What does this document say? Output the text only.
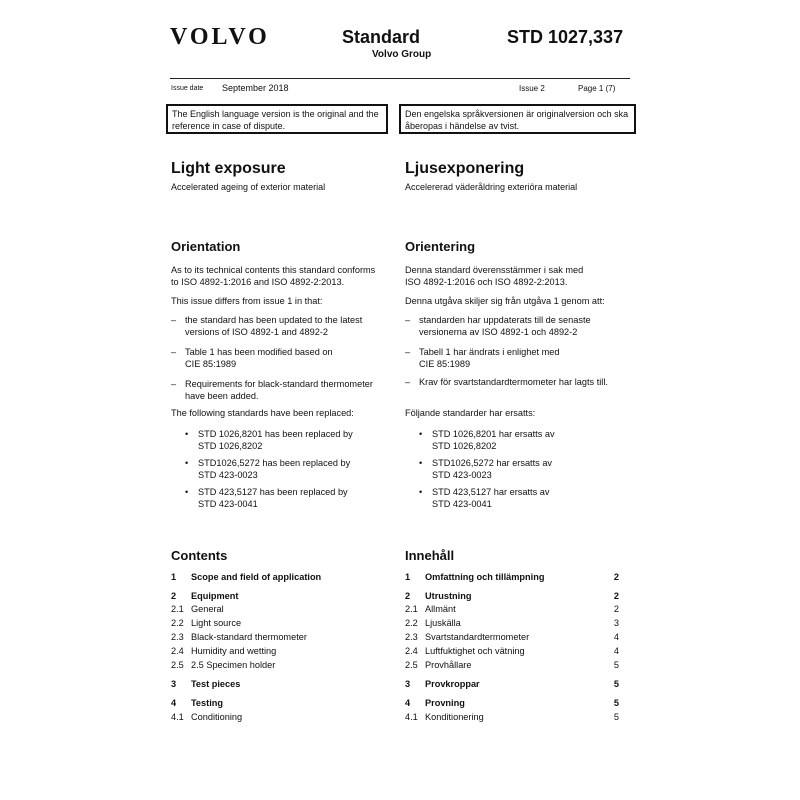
VOLVO	Standard
Volvo Group
STD 1027,337
Issue date September 2018	Issue 2	Page 1 (7)
The English language version is the original and the reference in case of dispute.
Den engelska språkversionen är originalversion och ska åberopas i händelse av tvist.
Light exposure
Accelerated ageing of exterior material
Ljusexponering
Accelererad väderåldring exteriöra material
Orientation	Orientering
As to its technical contents this standard conforms
to ISO 4892-1:2016 and ISO 4892-2:2013.
This issue differs from issue 1 in that:
– the standard has been updated to the latest
versions of ISO 4892-1 and 4892-2
– Table 1 has been modified based on
CIE 85:1989
– Requirements for black-standard thermometer
have been added.
The following standards have been replaced:
• STD 1026,8201 has been replaced by
STD 1026,8202
• STD1026,5272 has been replaced by
STD 423-0023
• STD 423,5127 has been replaced by
STD 423-0041
Denna standard överensstämmer i sak med
ISO 4892-1:2016 och ISO 4892-2:2013.
Denna utgåva skiljer sig från utgåva 1 genom att:
– standarden har uppdaterats till de senaste
versionerna av ISO 4892-1 och 4892-2
– Tabell 1 har ändrats i enlighet med
CIE 85:1989
– Krav för svartstandardtermometer har lagts till.
Följande standarder har ersatts:
• STD 1026,8201 har ersatts av
STD 1026,8202
• STD1026,5272 har ersatts av
STD 423-0023
• STD 423,5127 har ersatts av
STD 423-0041
Contents	Innehåll
1 Scope and field of application
2 Equipment
2.1 General
2.2 Light source
2.3 Black-standard thermometer
2.4 Humidity and wetting
2.5 2.5 Specimen holder
3 Test pieces
4 Testing
4.1 Conditioning
1 Omfattning och tillämpning	2
2 Utrustning	2
2.1 Allmänt	2
2.2 Ljuskälla	3
2.3 Svartstandardtermometer	4
2.4 Luftfuktighet och vätning	4
2.5 Provhållare	5
3 Provkroppar	5
4 Provning	5
4.1 Konditionering	5
